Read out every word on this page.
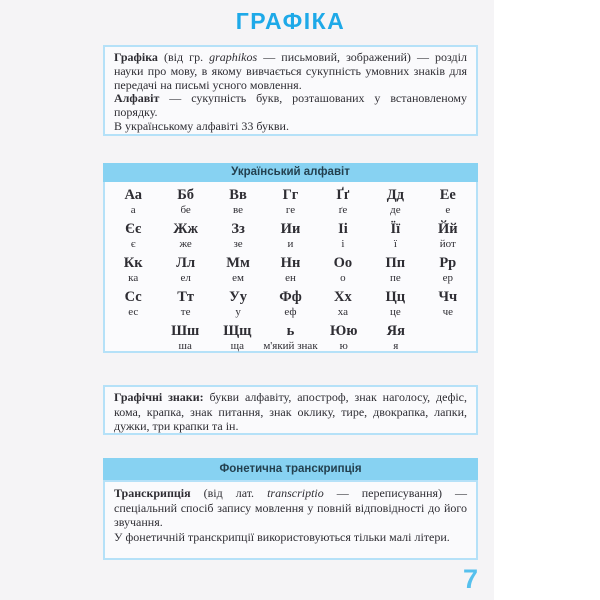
ГРАФІКА

Графіка (від гр. graphikos — письмовий, зображений) — розділ науки про мову, в якому вивчається сукупність умовних знаків для передачі на письмі усного мовлення.

Алфавіт — сукупність букв, розташованих у встановленому порядку.

В українському алфавіті 33 букви.

Український алфавіт
Аа
а
Бб
бе
Вв
ве
Гг
ге
Ґґ
ґе
Дд
де
Ее
е
Єє
є
Жж
же
Зз
зе
Ии
и
Іі
і
Її
ї
Йй
йот
Кк
ка
Лл
ел
Мм
ем
Нн
ен
Оо
о
Пп
пе
Рр
ер
Сс
ес
Тт
те
Уу
у
Фф
еф
Хх
ха
Цц
це
Чч
че
Шш
ша
Щщ
ща
ь
м'який знак
Юю
ю
Яя
я

Графічні знаки: букви алфавіту, апостроф, знак наголосу, дефіс, кома, крапка, знак питання, знак оклику, тире, двокрапка, лапки, дужки, три крапки та ін.

Фонетична транскрипція

Транскрипція (від лат. transcriptio — переписування) — спеціальний спосіб запису мовлення у повній відповідності до його звучання.

У фонетичній транскрипції використовуються тільки малі літери.

7
